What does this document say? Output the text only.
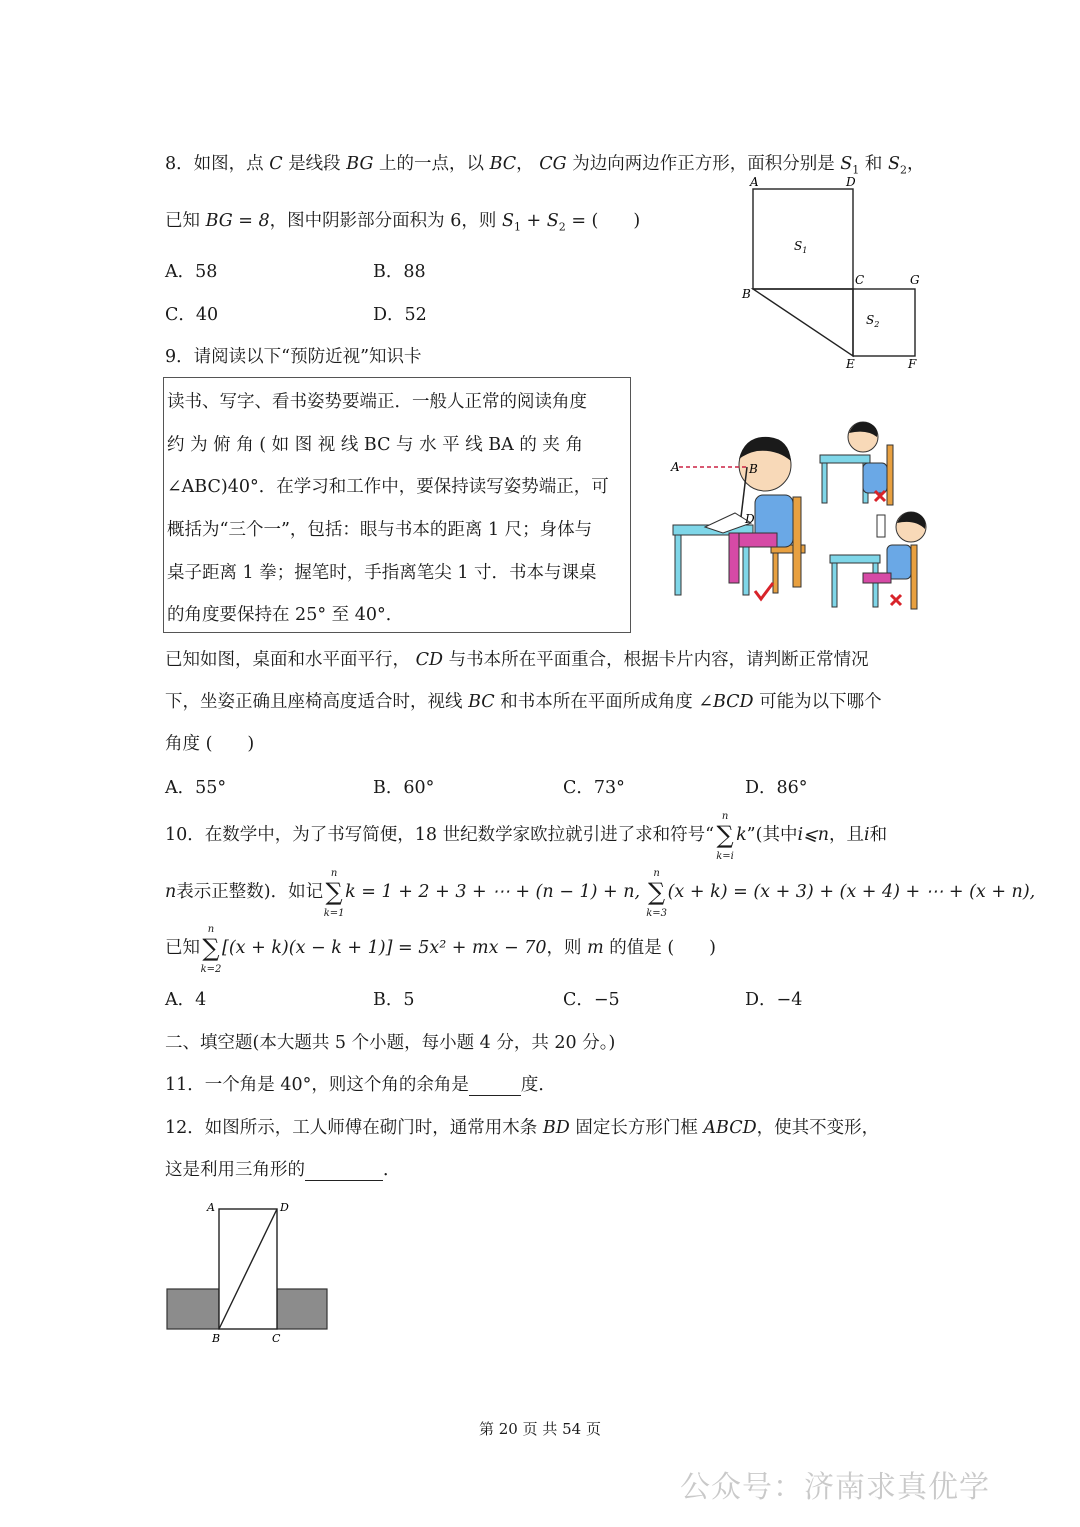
8．如图，点 C 是线段 BG 上的一点，以 BC， CG 为边向两边作正方形，面积分别是 $S_1$ 和 $S_2$，
已知 BG = 8，图中阴影部分面积为 6，则 $S_1 + S_2$ = (　　)
A．58	B．88
C．40	D．52
A	D
$S_1$
B
C	G
$S_2$
E	F
9．请阅读以下“预防近视”知识卡
读书、写字、看书姿势要端正．一般人正常的阅读角度
约 为 俯 角 ( 如 图 视 线 BC 与 水 平 线 BA 的 夹 角
∠ABC)40°．在学习和工作中，要保持读写姿势端正，可
概括为“三个一”，包括：眼与书本的距离 1 尺；身体与
桌子距离 1 拳；握笔时，手指离笔尖 1 寸．书本与课桌
的角度要保持在 25° 至 40°．
A	B
D
已知如图，桌面和水平面平行， CD 与书本所在平面重合，根据卡片内容，请判断正常情况
下，坐姿正确且座椅高度适合时，视线 BC 和书本所在平面所成角度 ∠BCD 可能为以下哪个
角度 (　　)
A．55°	B．60°	C．73°	D．86°
10．在数学中，为了书写简便，18 世纪数学家欧拉就引进了求和符号“
n
∑
k=i
k”(其中i⩽n，且i和
n表示正整数)．如记
n
∑
k=1
k = 1 + 2 + 3 + ⋯ + (n − 1) + n,
n
∑
k=3
(x + k) = (x + 3) + (x + 4) + ⋯ + (x + n),
已知
n
∑
k=2
[(x + k)(x − k + 1)] = 5x² + mx − 70，则 m 的值是 (　　)
A．4	B．5	C．−5	D．−4
二、填空题(本大题共 5 个小题，每小题 4 分，共 20 分。)
11．一个角是 40°，则这个角的余角是	度．
12．如图所示，工人师傅在砌门时，通常用木条 BD 固定长方形门框 ABCD，使其不变形，
这是利用三角形的	．
A	D
B	C
第 20 页 共 54 页
公众号：济南求真优学
